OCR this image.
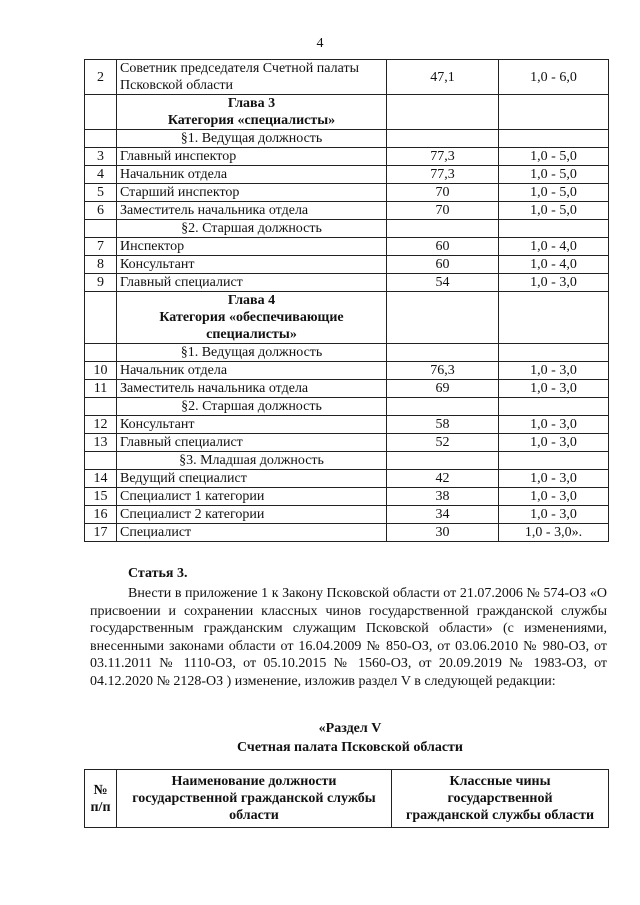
4
2	Советник председателя Счетной палаты Псковской области	47,1	1,0 - 6,0

	Глава 3
Категория «специалисты»		

	§1. Ведущая должность		
3	Главный инспектор	77,3	1,0 - 5,0
4	Начальник отдела	77,3	1,0 - 5,0
5	Старший инспектор	70	1,0 - 5,0
6	Заместитель начальника отдела	70	1,0 - 5,0
	§2. Старшая должность		
7	Инспектор	60	1,0 - 4,0
8	Консультант	60	1,0 - 4,0
9	Главный специалист	54	1,0 - 3,0

	Глава 4
Категория «обеспечивающие
специалисты»		

	§1. Ведущая должность		
10	Начальник отдела	76,3	1,0 - 3,0
11	Заместитель начальника отдела	69	1,0 - 3,0
	§2. Старшая должность		
12	Консультант	58	1,0 - 3,0
13	Главный специалист	52	1,0 - 3,0
	§3. Младшая должность		
14	Ведущий специалист	42	1,0 - 3,0
15	Специалист 1 категории	38	1,0 - 3,0
16	Специалист 2 категории	34	1,0 - 3,0
17	Специалист	30	1,0 - 3,0».
Статья 3.
Внести в приложение 1 к Закону Псковской области от 21.07.2006 № 574-ОЗ «О присвоении и сохранении классных чинов государственной гражданской службы государственным гражданским служащим Псковской области» (с изменениями, внесенными законами области от 16.04.2009 № 850-ОЗ, от 03.06.2010 № 980-ОЗ, от 03.11.2011 № 1110-ОЗ, от 05.10.2015 № 1560-ОЗ, от 20.09.2019 № 1983-ОЗ, от 04.12.2020 № 2128-ОЗ ) изменение, изложив раздел V в следующей редакции:
«Раздел V
Счетная палата Псковской области
№
п/п

Наименование должности
государственной гражданской службы
области

Классные чины
государственной
гражданской службы области
